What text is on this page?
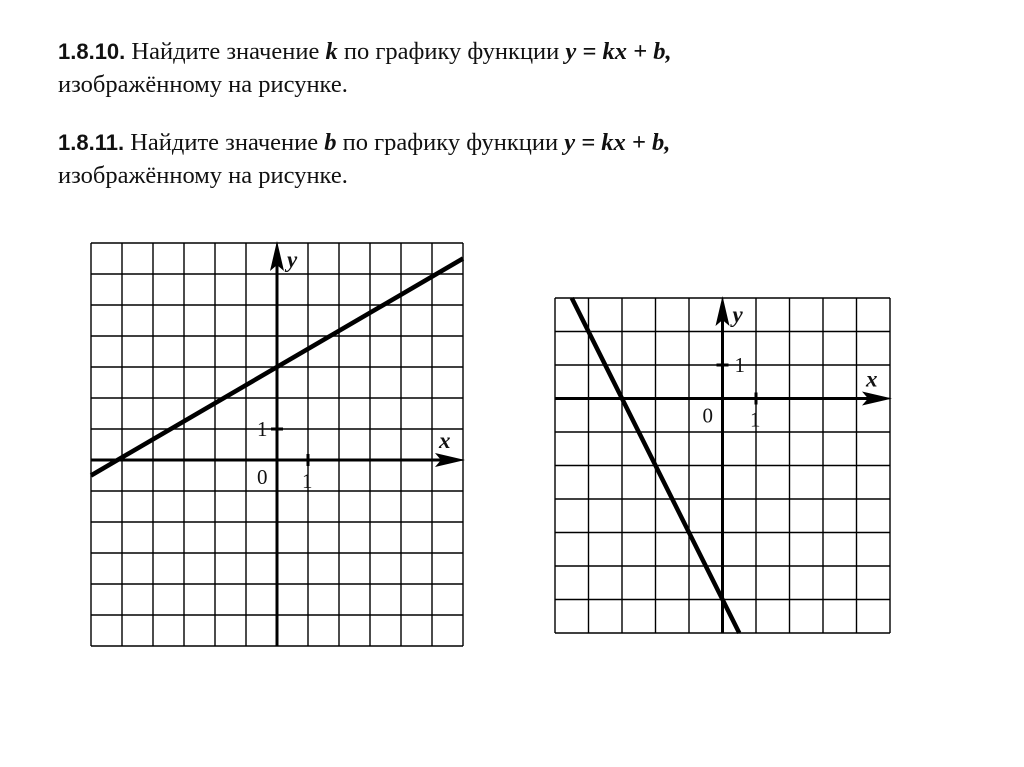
1.8.10. Найдите значение k по графику функции y = kx + b,
изображённому на рисунке.
1.8.11. Найдите значение b по графику функции y = kx + b,
изображённому на рисунке.
x
y
0 1
1
x
y
0 1
1
